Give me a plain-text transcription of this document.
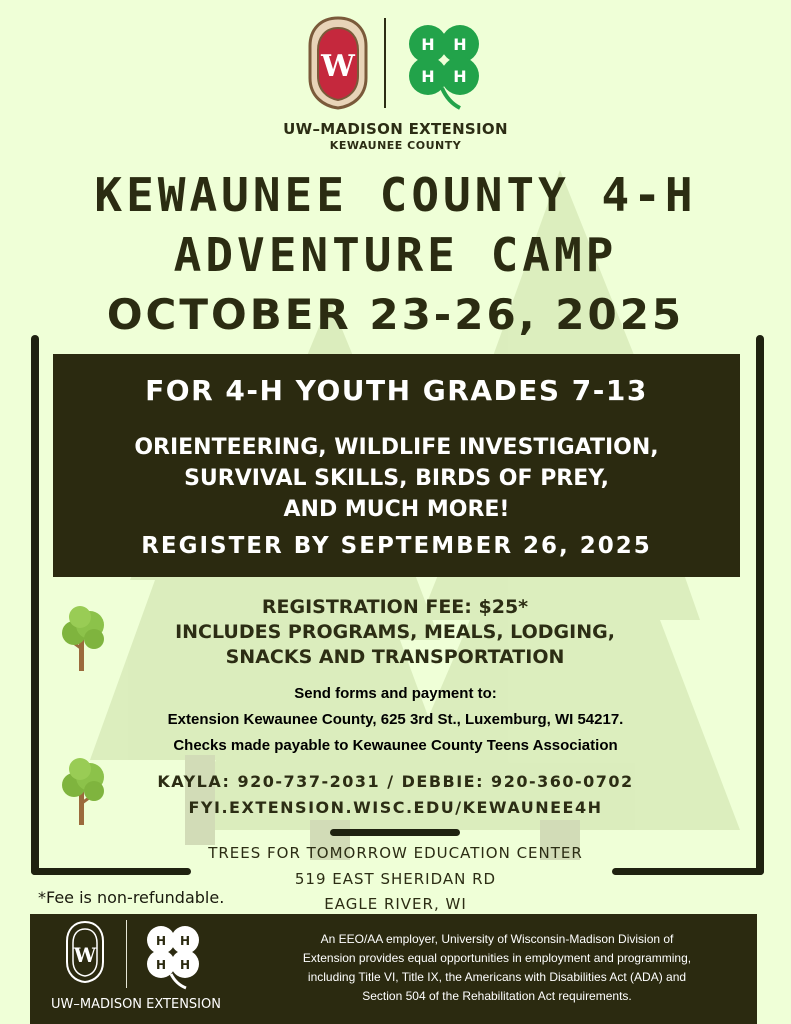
W
H H
H H
UW–MADISON EXTENSION
KEWAUNEE COUNTY
KEWAUNEE COUNTY 4-H
ADVENTURE CAMP
OCTOBER 23-26, 2025
FOR 4-H YOUTH GRADES 7-13
ORIENTEERING, WILDLIFE INVESTIGATION,
SURVIVAL SKILLS, BIRDS OF PREY,
AND MUCH MORE!
REGISTER BY SEPTEMBER 26, 2025
REGISTRATION FEE: $25*
INCLUDES PROGRAMS, MEALS, LODGING,
SNACKS AND TRANSPORTATION
Send forms and payment to:
Extension Kewaunee County, 625 3rd St., Luxemburg, WI 54217.
Checks made payable to Kewaunee County Teens Association
KAYLA: 920-737-2031 / DEBBIE: 920-360-0702
FYI.EXTENSION.WISC.EDU/KEWAUNEE4H
TREES FOR TOMORROW EDUCATION CENTER
519 EAST SHERIDAN RD
EAGLE RIVER, WI
*Fee is non-refundable.
W
H H
H H
UW–MADISON EXTENSION
An EEO/AA employer, University of Wisconsin-Madison Division of
Extension provides equal opportunities in employment and programming,
including Title VI, Title IX, the Americans with Disabilities Act (ADA) and
Section 504 of the Rehabilitation Act requirements.
